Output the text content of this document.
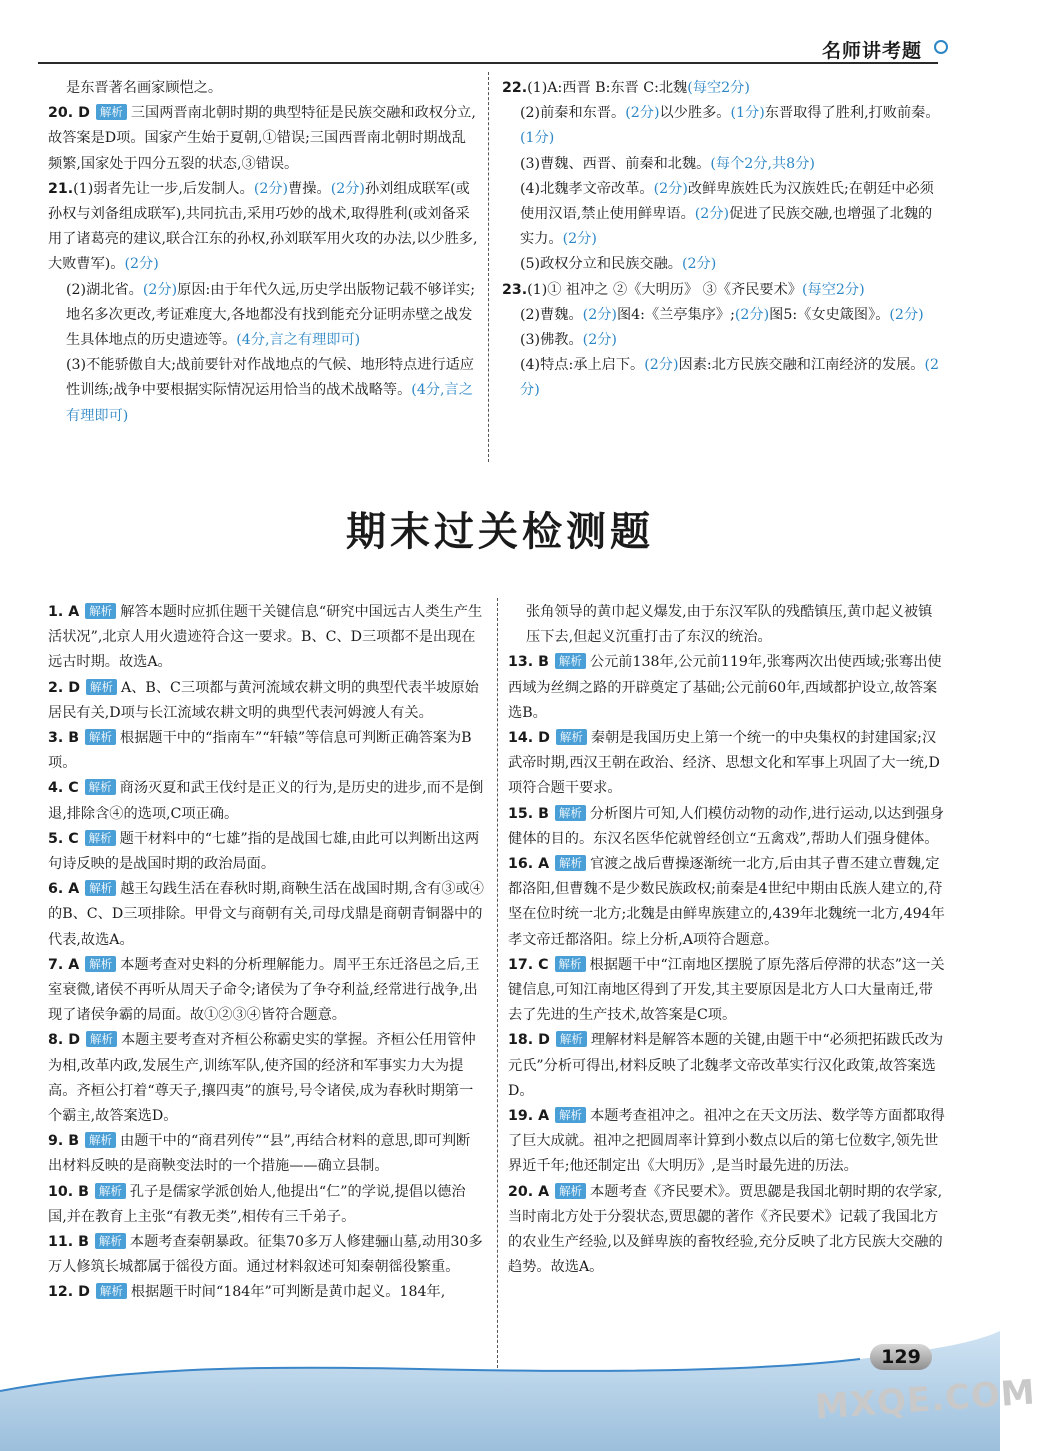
名师讲考题
是东晋著名画家顾恺之。
20. D 解析 三国两晋南北朝时期的典型特征是民族交融和政权分立,故答案是D项。国家产生始于夏朝,①错误;三国西晋南北朝时期战乱频繁,国家处于四分五裂的状态,③错误。
21.(1)弱者先让一步,后发制人。(2分)曹操。(2分)孙刘组成联军(或孙权与刘备组成联军),共同抗击,采用巧妙的战术,取得胜利(或刘备采用了诸葛亮的建议,联合江东的孙权,孙刘联军用火攻的办法,以少胜多,大败曹军)。(2分)
(2)湖北省。(2分)原因:由于年代久远,历史学出版物记载不够详实;地名多次更改,考证难度大,各地都没有找到能充分证明赤壁之战发生具体地点的历史遗迹等。(4分,言之有理即可)
(3)不能骄傲自大;战前要针对作战地点的气候、地形特点进行适应性训练;战争中要根据实际情况运用恰当的战术战略等。(4分,言之有理即可)
22.(1)A:西晋 B:东晋 C:北魏(每空2分)
(2)前秦和东晋。(2分)以少胜多。(1分)东晋取得了胜利,打败前秦。(1分)
(3)曹魏、西晋、前秦和北魏。(每个2分,共8分)
(4)北魏孝文帝改革。(2分)改鲜卑族姓氏为汉族姓氏;在朝廷中必须使用汉语,禁止使用鲜卑语。(2分)促进了民族交融,也增强了北魏的实力。(2分)
(5)政权分立和民族交融。(2分)
23.(1)① 祖冲之 ②《大明历》 ③《齐民要术》(每空2分)
(2)曹魏。(2分)图4:《兰亭集序》;(2分)图5:《女史箴图》。(2分)
(3)佛教。(2分)
(4)特点:承上启下。(2分)因素:北方民族交融和江南经济的发展。(2分)
期末过关检测题
1. A 解析 解答本题时应抓住题干关键信息“研究中国远古人类生产生活状况”,北京人用火遗迹符合这一要求。B、C、D三项都不是出现在远古时期。故选A。
2. D 解析 A、B、C三项都与黄河流域农耕文明的典型代表半坡原始居民有关,D项与长江流域农耕文明的典型代表河姆渡人有关。
3. B 解析 根据题干中的“指南车”“轩辕”等信息可判断正确答案为B项。
4. C 解析 商汤灭夏和武王伐纣是正义的行为,是历史的进步,而不是倒退,排除含④的选项,C项正确。
5. C 解析 题干材料中的“七雄”指的是战国七雄,由此可以判断出这两句诗反映的是战国时期的政治局面。
6. A 解析 越王勾践生活在春秋时期,商鞅生活在战国时期,含有③或④的B、C、D三项排除。甲骨文与商朝有关,司母戊鼎是商朝青铜器中的代表,故选A。
7. A 解析 本题考查对史料的分析理解能力。周平王东迁洛邑之后,王室衰微,诸侯不再听从周天子命令;诸侯为了争夺利益,经常进行战争,出现了诸侯争霸的局面。故①②③④皆符合题意。
8. D 解析 本题主要考查对齐桓公称霸史实的掌握。齐桓公任用管仲为相,改革内政,发展生产,训练军队,使齐国的经济和军事实力大为提高。齐桓公打着“尊天子,攘四夷”的旗号,号令诸侯,成为春秋时期第一个霸主,故答案选D。
9. B 解析 由题干中的“商君列传”“县”,再结合材料的意思,即可判断出材料反映的是商鞅变法时的一个措施——确立县制。
10. B 解析 孔子是儒家学派创始人,他提出“仁”的学说,提倡以德治国,并在教育上主张“有教无类”,相传有三千弟子。
11. B 解析 本题考查秦朝暴政。征集70多万人修建骊山墓,动用30多万人修筑长城都属于徭役方面。通过材料叙述可知秦朝徭役繁重。
12. D 解析 根据题干时间“184年”可判断是黄巾起义。184年,
张角领导的黄巾起义爆发,由于东汉军队的残酷镇压,黄巾起义被镇压下去,但起义沉重打击了东汉的统治。
13. B 解析 公元前138年,公元前119年,张骞两次出使西域;张骞出使西域为丝绸之路的开辟奠定了基础;公元前60年,西域都护设立,故答案选B。
14. D 解析 秦朝是我国历史上第一个统一的中央集权的封建国家;汉武帝时期,西汉王朝在政治、经济、思想文化和军事上巩固了大一统,D项符合题干要求。
15. B 解析 分析图片可知,人们模仿动物的动作,进行运动,以达到强身健体的目的。东汉名医华佗就曾经创立“五禽戏”,帮助人们强身健体。
16. A 解析 官渡之战后曹操逐渐统一北方,后由其子曹丕建立曹魏,定都洛阳,但曹魏不是少数民族政权;前秦是4世纪中期由氐族人建立的,苻坚在位时统一北方;北魏是由鲜卑族建立的,439年北魏统一北方,494年孝文帝迁都洛阳。综上分析,A项符合题意。
17. C 解析 根据题干中“江南地区摆脱了原先落后停滞的状态”这一关键信息,可知江南地区得到了开发,其主要原因是北方人口大量南迁,带去了先进的生产技术,故答案是C项。
18. D 解析 理解材料是解答本题的关键,由题干中“必须把拓跋氏改为元氏”分析可得出,材料反映了北魏孝文帝改革实行汉化政策,故答案选D。
19. A 解析 本题考查祖冲之。祖冲之在天文历法、数学等方面都取得了巨大成就。祖冲之把圆周率计算到小数点以后的第七位数字,领先世界近千年;他还制定出《大明历》,是当时最先进的历法。
20. A 解析 本题考查《齐民要术》。贾思勰是我国北朝时期的农学家,当时南北方处于分裂状态,贾思勰的著作《齐民要术》记载了我国北方的农业生产经验,以及鲜卑族的畜牧经验,充分反映了北方民族大交融的趋势。故选A。
129
MXQE.COM
